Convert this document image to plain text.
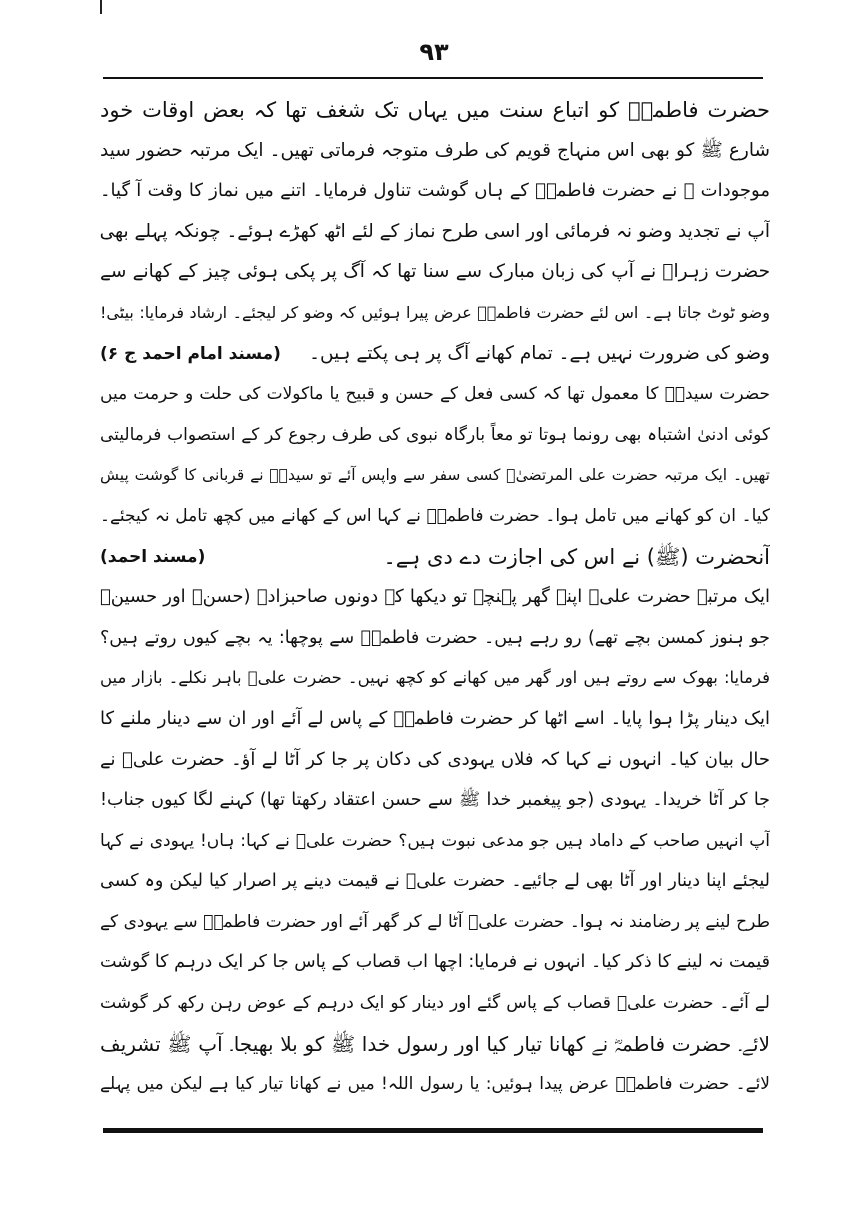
۹۳
حضرت فاطمہؓ کو اتباع سنت میں یہاں تک شغف تھا کہ بعض اوقات خود
شارع ﷺ کو بھی اس منہاج قویم کی طرف متوجہ فرماتی تھیں۔ ایک مرتبہ حضور سید
موجودات ﷺ نے حضرت فاطمہؓ کے ہاں گوشت تناول فرمایا۔ اتنے میں نماز کا وقت آ گیا۔
آپ نے تجدید وضو نہ فرمائی اور اسی طرح نماز کے لئے اٹھ کھڑے ہوئے۔ چونکہ پہلے بھی
حضرت زہراؓ نے آپ کی زبان مبارک سے سنا تھا کہ آگ پر پکی ہوئی چیز کے کھانے سے
وضو ٹوٹ جاتا ہے۔ اس لئے حضرت فاطمہؓ عرض پیرا ہوئیں کہ وضو کر لیجئے۔ ارشاد فرمایا: بیٹی!
وضو کی ضرورت نہیں ہے۔ تمام کھانے آگ پر ہی پکتے ہیں۔
(مسند امام احمد ج ۶)
حضرت سیدہؓ کا معمول تھا کہ کسی فعل کے حسن و قبیح یا ماکولات کی حلت و حرمت میں
کوئی ادنیٰ اشتباہ بھی رونما ہوتا تو معاً بارگاہ نبوی کی طرف رجوع کر کے استصواب فرمالیتی
تھیں۔ ایک مرتبہ حضرت علی المرتضیٰؓ کسی سفر سے واپس آئے تو سیدہؓ نے قربانی کا گوشت پیش
کیا۔ ان کو کھانے میں تامل ہوا۔ حضرت فاطمہؓ نے کہا اس کے کھانے میں کچھ تامل نہ کیجئے۔
آنحضرت (ﷺ) نے اس کی اجازت دے دی ہے۔
(مسند احمد)
ایک مرتبہ حضرت علیؓ اپنے گھر پہنچے تو دیکھا کہ دونوں صاحبزادے (حسنؓ اور حسینؓ
جو ہنوز کمسن بچے تھے) رو رہے ہیں۔ حضرت فاطمہؓ سے پوچھا: یہ بچے کیوں روتے ہیں؟
فرمایا: بھوک سے روتے ہیں اور گھر میں کھانے کو کچھ نہیں۔ حضرت علیؓ باہر نکلے۔ بازار میں
ایک دینار پڑا ہوا پایا۔ اسے اٹھا کر حضرت فاطمہؓ کے پاس لے آئے اور ان سے دینار ملنے کا
حال بیان کیا۔ انہوں نے کہا کہ فلاں یہودی کی دکان پر جا کر آٹا لے آؤ۔ حضرت علیؓ نے
جا کر آٹا خریدا۔ یہودی (جو پیغمبر خدا ﷺ سے حسن اعتقاد رکھتا تھا) کہنے لگا کیوں جناب!
آپ انہیں صاحب کے داماد ہیں جو مدعی نبوت ہیں؟ حضرت علیؓ نے کہا: ہاں! یہودی نے کہا
لیجئے اپنا دینار اور آٹا بھی لے جائیے۔ حضرت علیؓ نے قیمت دینے پر اصرار کیا لیکن وہ کسی
طرح لینے پر رضامند نہ ہوا۔ حضرت علیؓ آٹا لے کر گھر آئے اور حضرت فاطمہؓ سے یہودی کے
قیمت نہ لینے کا ذکر کیا۔ انہوں نے فرمایا: اچھا اب قصاب کے پاس جا کر ایک درہم کا گوشت
لے آئے۔ حضرت علیؓ قصاب کے پاس گئے اور دینار کو ایک درہم کے عوض رہن رکھ کر گوشت
لائے۔ حضرت فاطمہؓ نے کھانا تیار کیا اور رسول خدا ﷺ کو بلا بھیجا۔ آپ ﷺ تشریف
لائے۔ حضرت فاطمہؓ عرض پیدا ہوئیں: یا رسول اللہ! میں نے کھانا تیار کیا ہے لیکن میں پہلے
